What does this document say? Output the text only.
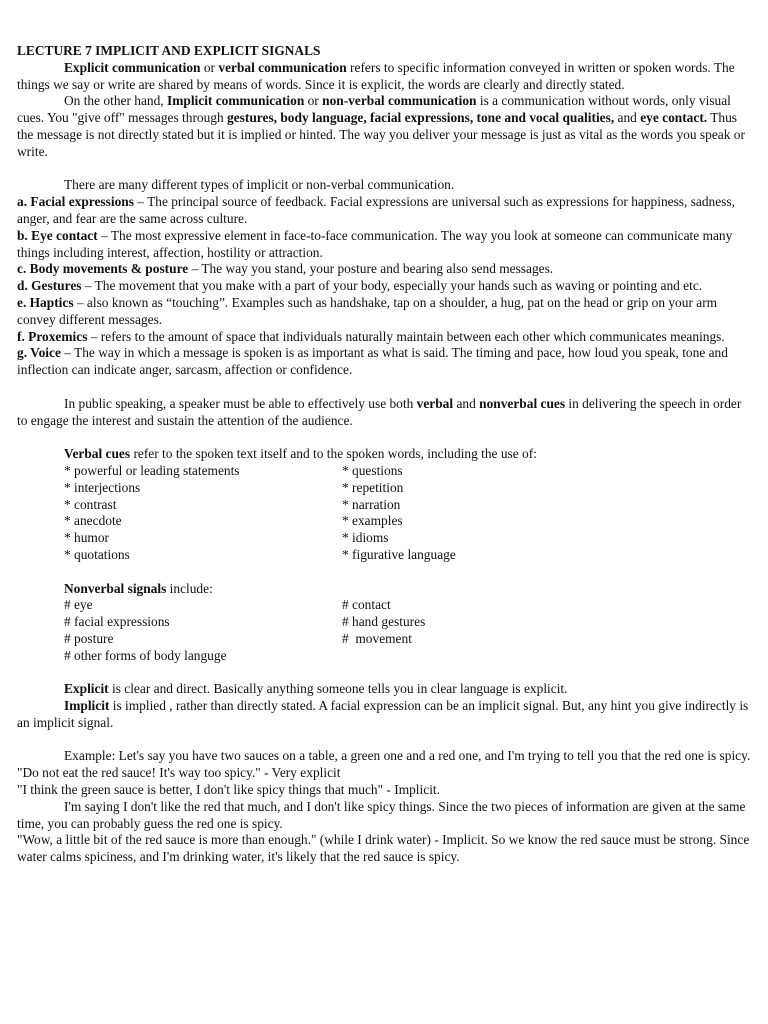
LECTURE 7 IMPLICIT AND EXPLICIT SIGNALS

Explicit communication or verbal communication refers to specific information conveyed in written or spoken words. The things we say or write are shared by means of words. Since it is explicit, the words are clearly and directly stated.

On the other hand, Implicit communication or non-verbal communication is a communication without words, only visual cues. You "give off" messages through gestures, body language, facial expressions, tone and vocal qualities, and eye contact. Thus the message is not directly stated but it is implied or hinted. The way you deliver your message is just as vital as the words you speak or write.

There are many different types of implicit or non-verbal communication.

a. Facial expressions – The principal source of feedback. Facial expressions are universal such as expressions for happiness, sadness, anger, and fear are the same across culture.

b. Eye contact – The most expressive element in face-to-face communication. The way you look at someone can communicate many things including interest, affection, hostility or attraction.

c. Body movements & posture – The way you stand, your posture and bearing also send messages.

d. Gestures – The movement that you make with a part of your body, especially your hands such as waving or pointing and etc.

e. Haptics – also known as “touching”. Examples such as handshake, tap on a shoulder, a hug, pat on the head or grip on your arm convey different messages.

f. Proxemics – refers to the amount of space that individuals naturally maintain between each other which communicates meanings.

g. Voice – The way in which a message is spoken is as important as what is said. The timing and pace, how loud you speak, tone and inflection can indicate anger, sarcasm, affection or confidence.

In public speaking, a speaker must be able to effectively use both verbal and nonverbal cues in delivering the speech in order to engage the interest and sustain the attention of the audience.

Verbal cues refer to the spoken text itself and to the spoken words, including the use of:

* powerful or leading statements
* interjections
* contrast
* anecdote
* humor
* quotations
* questions
* repetition
* narration
* examples
* idioms
* figurative language

Nonverbal signals include:

# eye
# facial expressions
# posture
# other forms of body languge
# contact
# hand gestures
#  movement

Explicit is clear and direct. Basically anything someone tells you in clear language is explicit.

Implicit is implied , rather than directly stated. A facial expression can be an implicit signal. But, any hint you give indirectly is an implicit signal.

Example: Let's say you have two sauces on a table, a green one and a red one, and I'm trying to tell you that the red one is spicy.

"Do not eat the red sauce! It's way too spicy." - Very explicit

"I think the green sauce is better, I don't like spicy things that much" - Implicit.

I'm saying I don't like the red that much, and I don't like spicy things. Since the two pieces of information are given at the same time, you can probably guess the red one is spicy.

"Wow, a little bit of the red sauce is more than enough." (while I drink water) - Implicit. So we know the red sauce must be strong. Since water calms spiciness, and I'm drinking water, it's likely that the red sauce is spicy.
